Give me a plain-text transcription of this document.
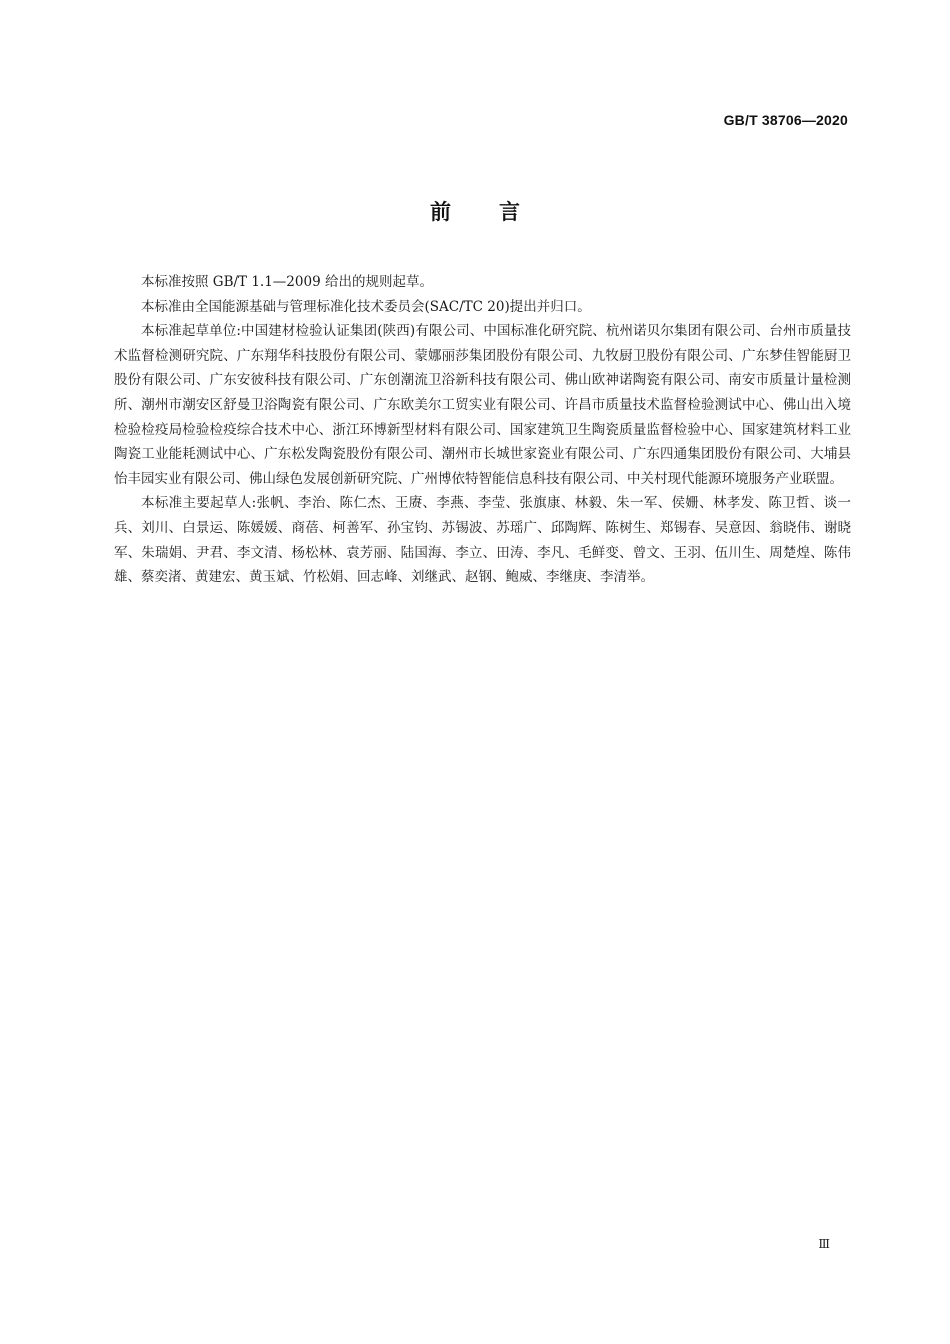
GB/T 38706—2020
前言

本标准按照 GB/T 1.1—2009 给出的规则起草。

本标准由全国能源基础与管理标准化技术委员会(SAC/TC 20)提出并归口。

本标准起草单位:中国建材检验认证集团(陕西)有限公司、中国标准化研究院、杭州诺贝尔集团有限公司、台州市质量技术监督检测研究院、广东翔华科技股份有限公司、蒙娜丽莎集团股份有限公司、九牧厨卫股份有限公司、广东梦佳智能厨卫股份有限公司、广东安彼科技有限公司、广东创潮流卫浴新科技有限公司、佛山欧神诺陶瓷有限公司、南安市质量计量检测所、潮州市潮安区舒曼卫浴陶瓷有限公司、广东欧美尔工贸实业有限公司、许昌市质量技术监督检验测试中心、佛山出入境检验检疫局检验检疫综合技术中心、浙江环博新型材料有限公司、国家建筑卫生陶瓷质量监督检验中心、国家建筑材料工业陶瓷工业能耗测试中心、广东松发陶瓷股份有限公司、潮州市长城世家瓷业有限公司、广东四通集团股份有限公司、大埔县怡丰园实业有限公司、佛山绿色发展创新研究院、广州博依特智能信息科技有限公司、中关村现代能源环境服务产业联盟。

本标准主要起草人:张帆、李治、陈仁杰、王赓、李燕、李莹、张旗康、林毅、朱一军、侯姗、林孝发、陈卫哲、谈一兵、刘川、白景运、陈媛媛、商蓓、柯善军、孙宝钧、苏锡波、苏瑶广、邱陶辉、陈树生、郑锡春、吴意因、翁晓伟、谢晓军、朱瑞娟、尹君、李文清、杨松林、袁芳丽、陆国海、李立、田涛、李凡、毛鲜变、曾文、王羽、伍川生、周楚煌、陈伟雄、蔡奕渚、黄建宏、黄玉斌、竹松娟、回志峰、刘继武、赵钢、鲍威、李继庚、李清举。

Ⅲ
